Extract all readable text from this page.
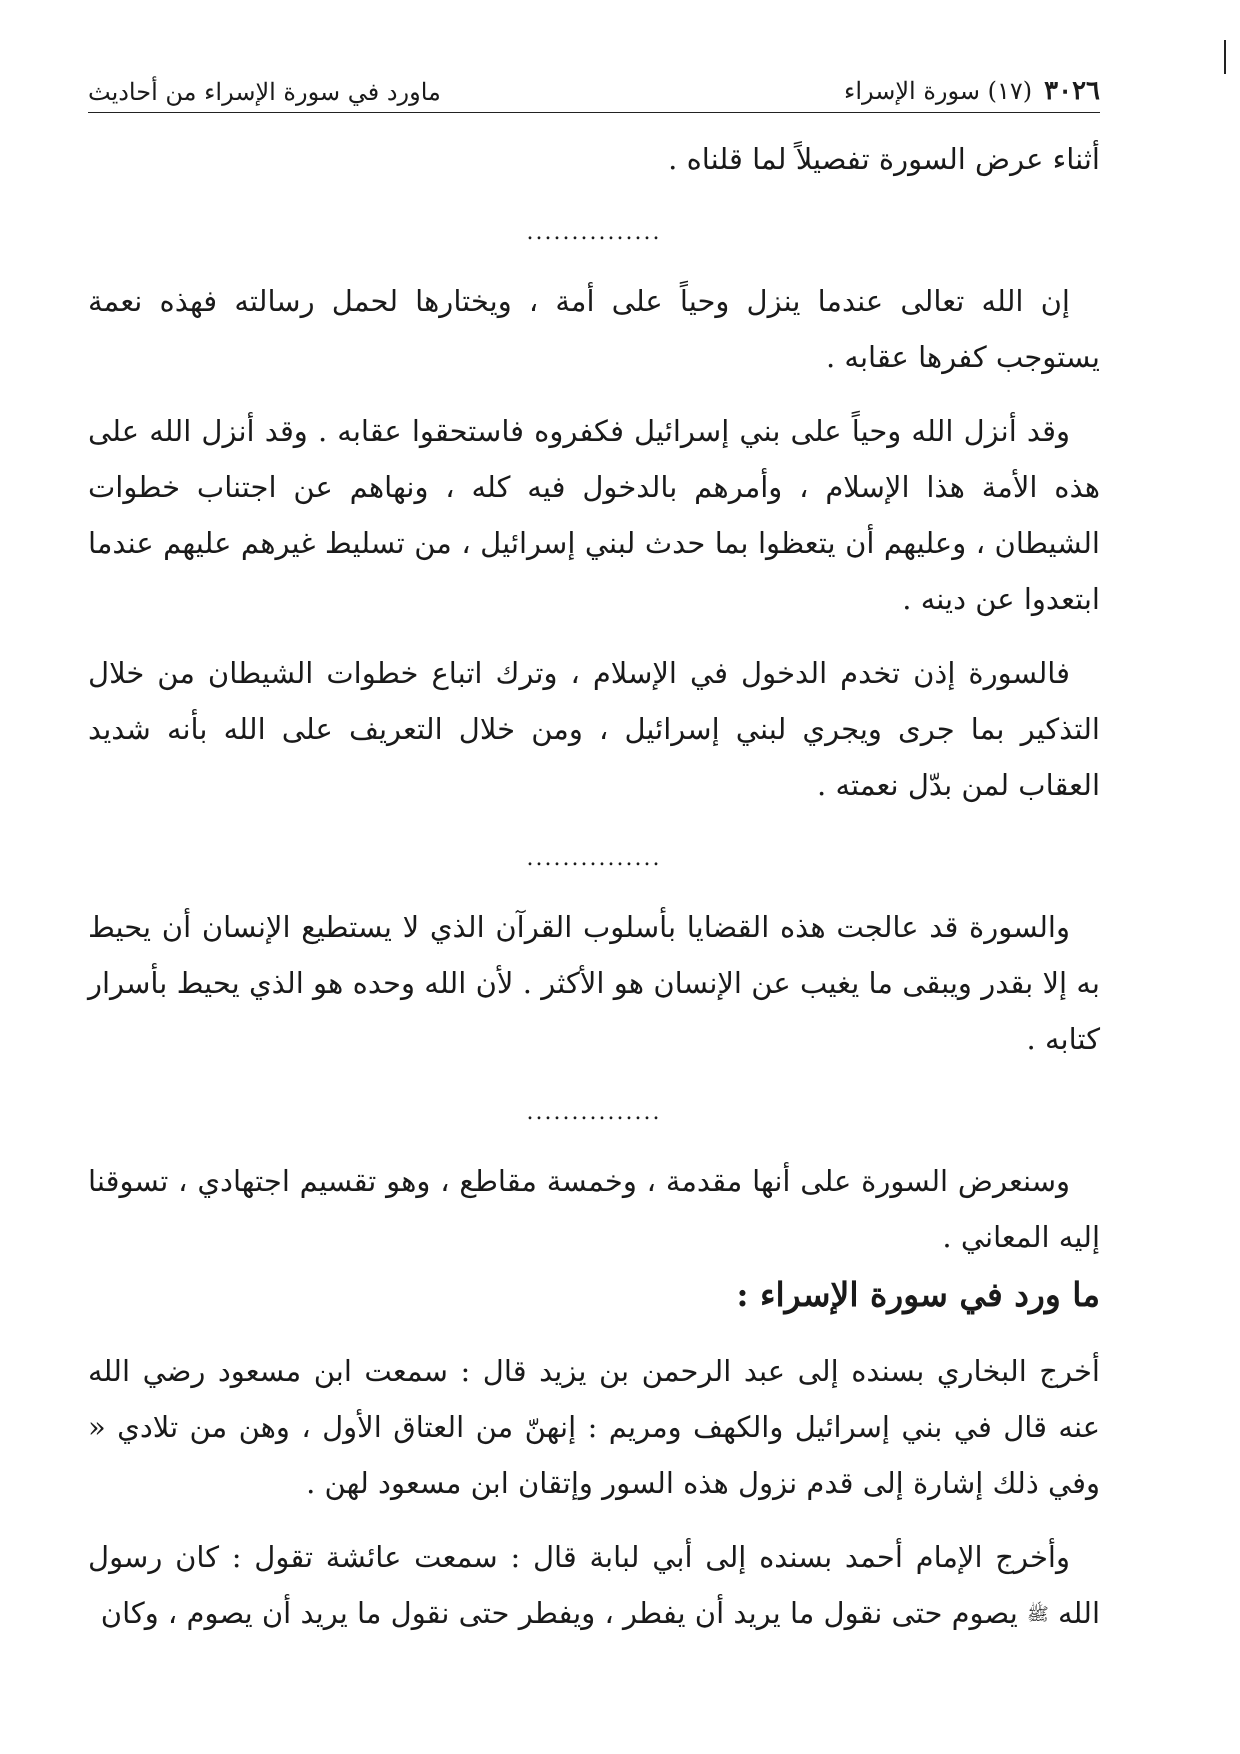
٣٠٢٦
(١٧) سورة الإسراء
ماورد في سورة الإسراء من أحاديث

أثناء عرض السورة تفصيلاً لما قلناه .

...............

إن الله تعالى عندما ينزل وحياً على أمة ، ويختارها لحمل رسالته فهذه نعمة يستوجب كفرها عقابه .

وقد أنزل الله وحياً على بني إسرائيل فكفروه فاستحقوا عقابه . وقد أنزل الله على هذه الأمة هذا الإسلام ، وأمرهم بالدخول فيه كله ، ونهاهم عن اجتناب خطوات الشيطان ، وعليهم أن يتعظوا بما حدث لبني إسرائيل ، من تسليط غيرهم عليهم عندما ابتعدوا عن دينه .

فالسورة إذن تخدم الدخول في الإسلام ، وترك اتباع خطوات الشيطان من خلال التذكير بما جرى ويجري لبني إسرائيل ، ومن خلال التعريف على الله بأنه شديد العقاب لمن بدّل نعمته .

...............

والسورة قد عالجت هذه القضايا بأسلوب القرآن الذي لا يستطيع الإنسان أن يحيط به إلا بقدر ويبقى ما يغيب عن الإنسان هو الأكثر . لأن الله وحده هو الذي يحيط بأسرار كتابه .

...............

وسنعرض السورة على أنها مقدمة ، وخمسة مقاطع ، وهو تقسيم اجتهادي ، تسوقنا إليه المعاني .

ما ورد في سورة الإسراء :

أخرج البخاري بسنده إلى عبد الرحمن بن يزيد قال : سمعت ابن مسعود رضي الله عنه قال في بني إسرائيل والكهف ومريم : إنهنّ من العتاق الأول ، وهن من تلادي « وفي ذلك إشارة إلى قدم نزول هذه السور وإتقان ابن مسعود لهن .

وأخرج الإمام أحمد بسنده إلى أبي لبابة قال : سمعت عائشة تقول : كان رسول الله ﷺ يصوم حتى نقول ما يريد أن يفطر ، ويفطر حتى نقول ما يريد أن يصوم ، وكان
